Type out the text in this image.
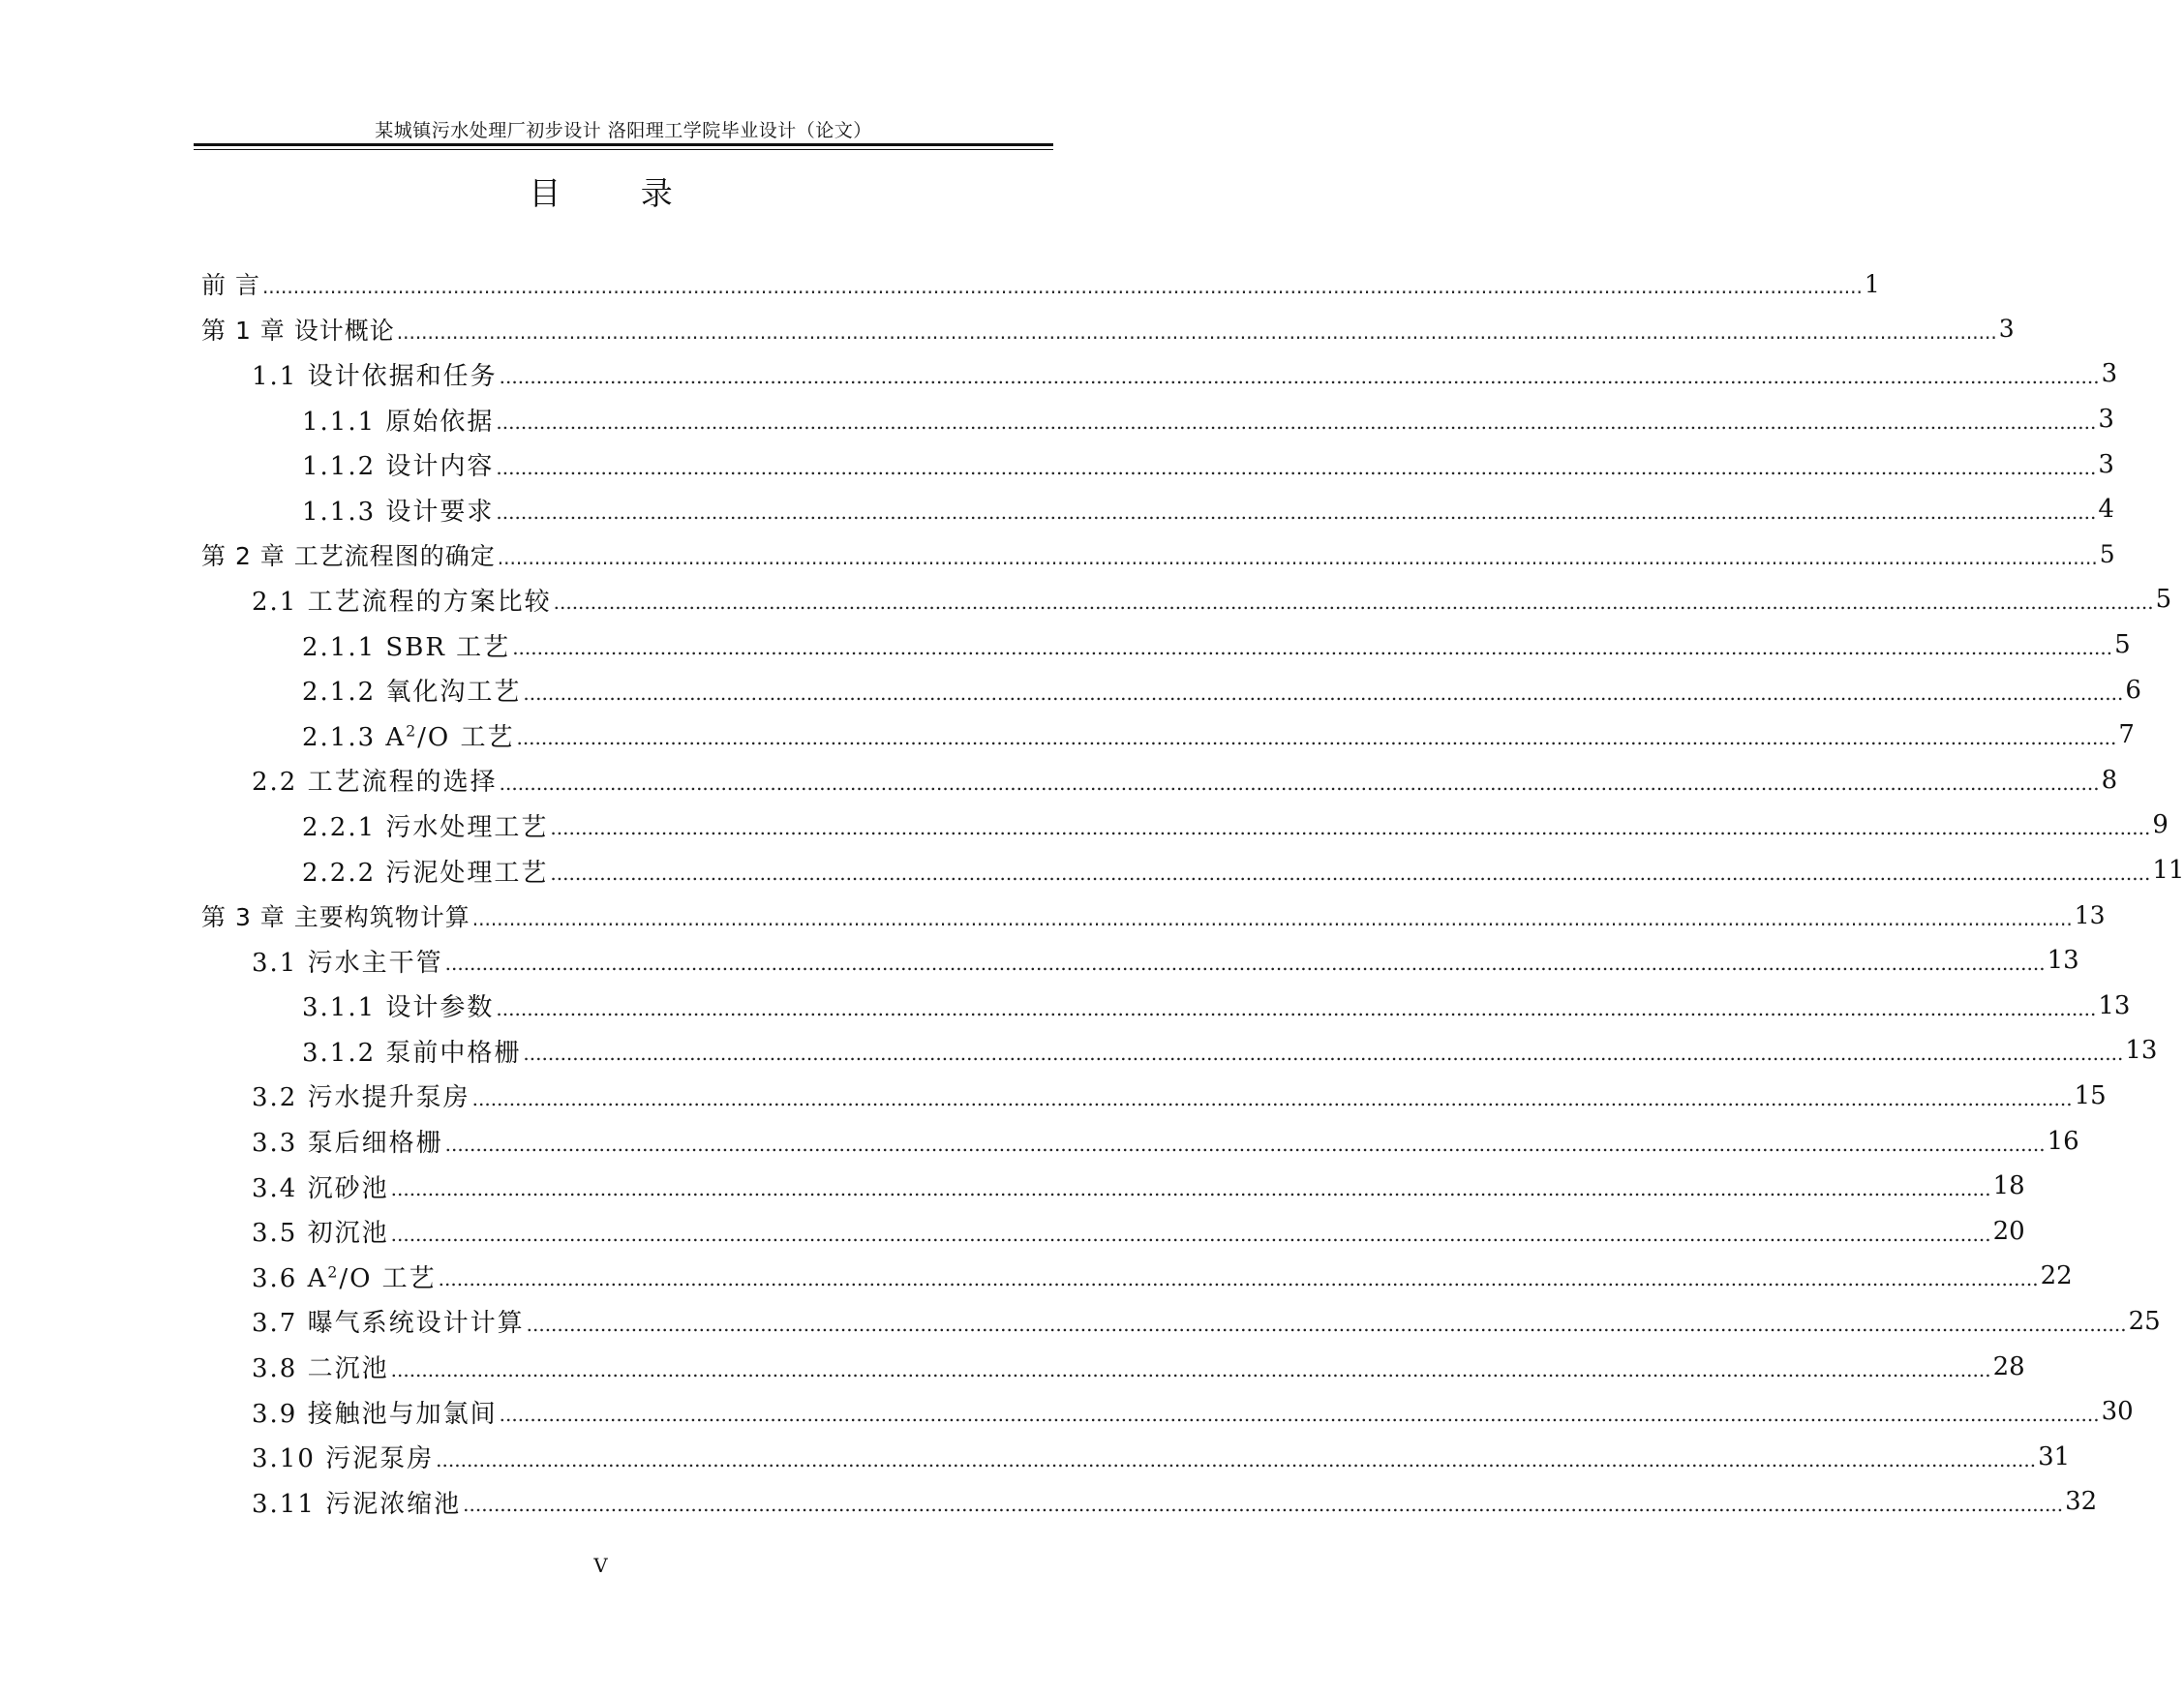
某城镇污水处理厂初步设计 洛阳理工学院毕业设计（论文）
目 录
前 言 .................................................................................................................................................................................................................................................................... 1
第 1 章 设计概论 .................................................................................................................................................................................................................................................................... 3
1.1 设计依据和任务 .................................................................................................................................................................................................................................................................... 3
1.1.1 原始依据 .................................................................................................................................................................................................................................................................... 3
1.1.2 设计内容 .................................................................................................................................................................................................................................................................... 3
1.1.3 设计要求 .................................................................................................................................................................................................................................................................... 4
第 2 章 工艺流程图的确定 .................................................................................................................................................................................................................................................................... 5
2.1 工艺流程的方案比较 .................................................................................................................................................................................................................................................................... 5
2.1.1 SBR 工艺 .................................................................................................................................................................................................................................................................... 5
2.1.2 氧化沟工艺 .................................................................................................................................................................................................................................................................... 6
2.1.3 $A^2/O$ 工艺 .................................................................................................................................................................................................................................................................... 7
2.2 工艺流程的选择 .................................................................................................................................................................................................................................................................... 8
2.2.1 污水处理工艺 .................................................................................................................................................................................................................................................................... 9
2.2.2 污泥处理工艺 .................................................................................................................................................................................................................................................................... 11
第 3 章 主要构筑物计算 .................................................................................................................................................................................................................................................................... 13
3.1 污水主干管 .................................................................................................................................................................................................................................................................... 13
3.1.1 设计参数 .................................................................................................................................................................................................................................................................... 13
3.1.2 泵前中格栅 .................................................................................................................................................................................................................................................................... 13
3.2 污水提升泵房 .................................................................................................................................................................................................................................................................... 15
3.3 泵后细格栅 .................................................................................................................................................................................................................................................................... 16
3.4 沉砂池 .................................................................................................................................................................................................................................................................... 18
3.5 初沉池 .................................................................................................................................................................................................................................................................... 20
3.6 $A^2/O$ 工艺 .................................................................................................................................................................................................................................................................... 22
3.7 曝气系统设计计算 .................................................................................................................................................................................................................................................................... 25
3.8 二沉池 .................................................................................................................................................................................................................................................................... 28
3.9 接触池与加氯间 .................................................................................................................................................................................................................................................................... 30
3.10 污泥泵房 .................................................................................................................................................................................................................................................................... 31
3.11 污泥浓缩池 .................................................................................................................................................................................................................................................................... 32
V
